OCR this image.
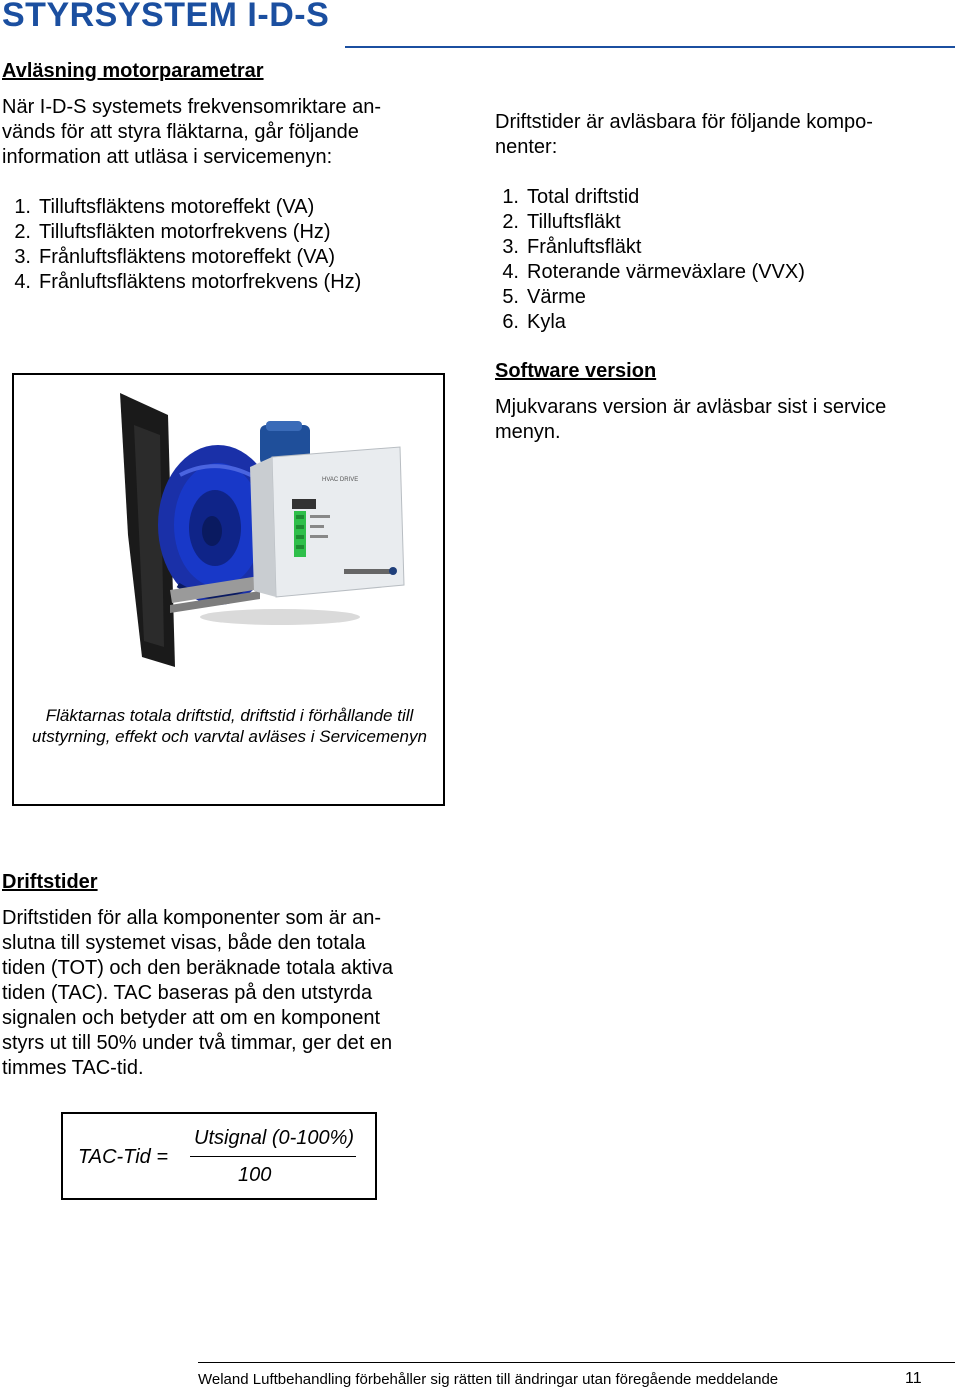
STYRSYSTEM I-D-S
Avläsning motorparametrar

När I-D-S systemets frekvensomriktare an-

vänds för att styra fläktarna, går följande

information att utläsa i servicemenyn:

1. Tilluftsfläktens motoreffekt (VA)
2. Tilluftsfläkten motorfrekvens (Hz)
3. Frånluftsfläktens motoreffekt (VA)
4. Frånluftsfläktens motorfrekvens (Hz)
HVAC DRIVE

Fläktarnas totala driftstid, driftstid i förhållande till utstyrning, effekt och varvtal avläses i Servicemenyn

Driftstider

Driftstiden för alla komponenter som är an-

slutna till systemet visas, både den totala

tiden (TOT) och den beräknade totala aktiva

tiden (TAC). TAC baseras på den utstyrda

signalen och betyder att om en komponent

styrs ut till 50% under två timmar, ger det en

timmes TAC-tid.

TAC-Tid =
Utsignal (0-100%)
100

Driftstider är avläsbara för följande kompo-

nenter:

1. Total driftstid
2. Tilluftsfläkt
3. Frånluftsfläkt
4. Roterande värmeväxlare (VVX)
5. Värme
6. Kyla
Software version

Mjukvarans version är avläsbar sist i service

menyn.

Weland Luftbehandling förbehåller sig rätten till ändringar utan föregående meddelande	11
